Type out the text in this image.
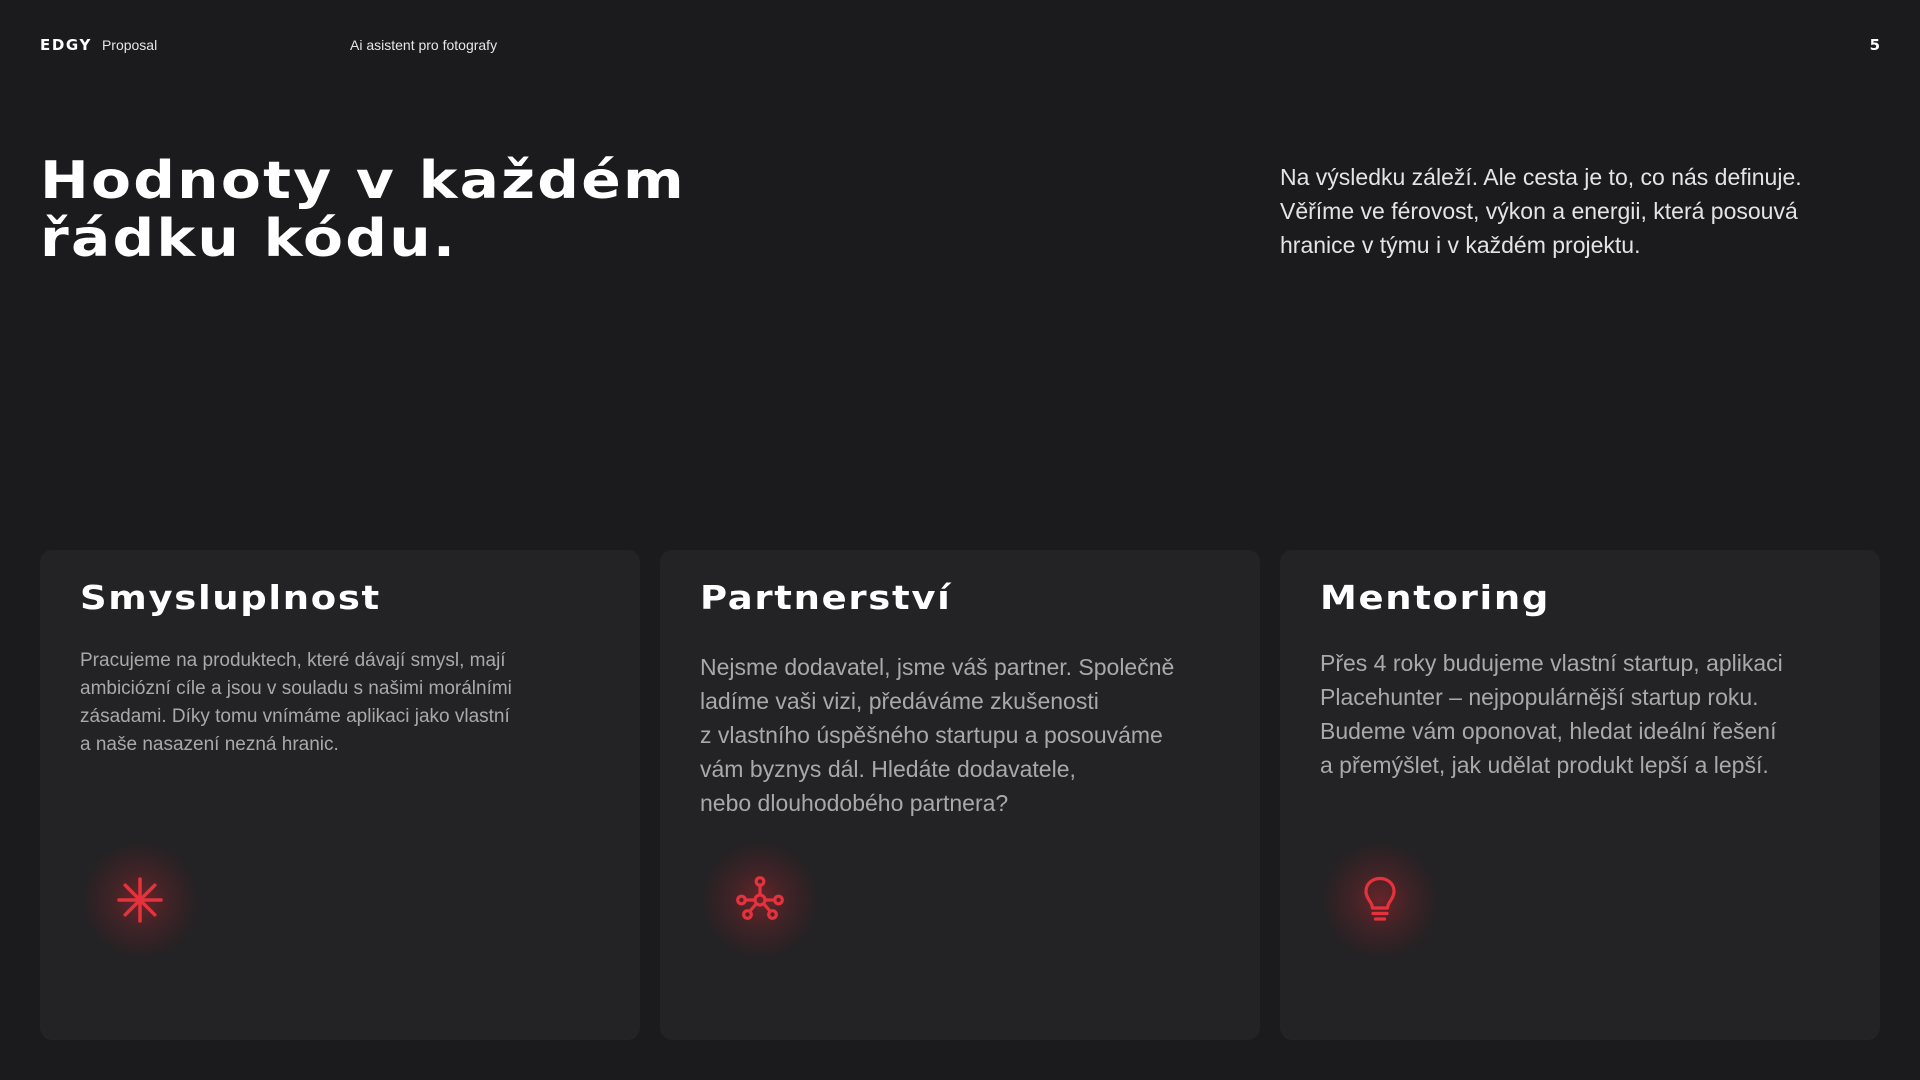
EDGY Proposal	Ai asistent pro fotografy	5
Hodnoty v každém
řádku kódu.

Na výsledku záleží. Ale cesta je to, co nás definuje.
Věříme ve férovost, výkon a energii, která posouvá
hranice v týmu i v každém projektu.

Smysluplnost

Pracujeme na produktech, které dávají smysl, mají
ambiciózní cíle a jsou v souladu s našimi morálními
zásadami. Díky tomu vnímáme aplikaci jako vlastní
a naše nasazení nezná hranic.

Partnerství

Nejsme dodavatel, jsme váš partner. Společně
ladíme vaši vizi, předáváme zkušenosti
z vlastního úspěšného startupu a posouváme
vám byznys dál. Hledáte dodavatele,
nebo dlouhodobého partnera?

Mentoring

Přes 4 roky budujeme vlastní startup, aplikaci
Placehunter – nejpopulárnější startup roku.
Budeme vám oponovat, hledat ideální řešení
a přemýšlet, jak udělat produkt lepší a lepší.
